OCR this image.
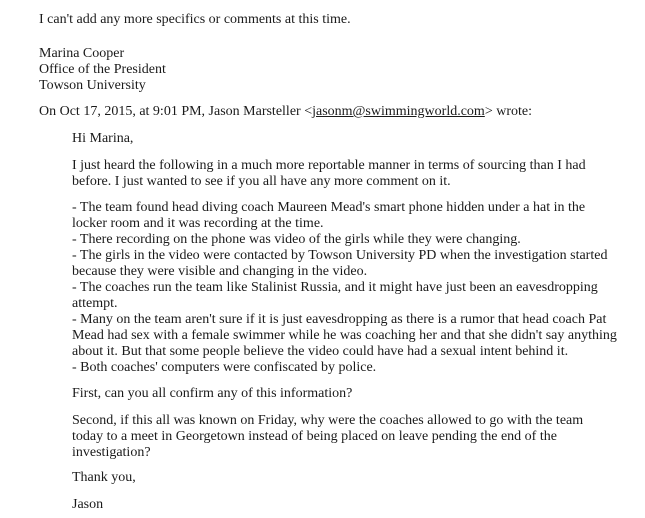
I can't add any more specifics or comments at this time.
Marina Cooper
Office of the President
Towson University
On Oct 17, 2015, at 9:01 PM, Jason Marsteller <jasonm@swimmingworld.com> wrote:
Hi Marina,
I just heard the following in a much more reportable manner in terms of sourcing than I had
before. I just wanted to see if you all have any more comment on it.
- The team found head diving coach Maureen Mead's smart phone hidden under a hat in the
locker room and it was recording at the time.
- There recording on the phone was video of the girls while they were changing.
- The girls in the video were contacted by Towson University PD when the investigation started
because they were visible and changing in the video.
- The coaches run the team like Stalinist Russia, and it might have just been an eavesdropping
attempt.
- Many on the team aren't sure if it is just eavesdropping as there is a rumor that head coach Pat
Mead had sex with a female swimmer while he was coaching her and that she didn't say anything
about it. But that some people believe the video could have had a sexual intent behind it.
- Both coaches' computers were confiscated by police.
First, can you all confirm any of this information?
Second, if this all was known on Friday, why were the coaches allowed to go with the team
today to a meet in Georgetown instead of being placed on leave pending the end of the
investigation?
Thank you,
Jason
